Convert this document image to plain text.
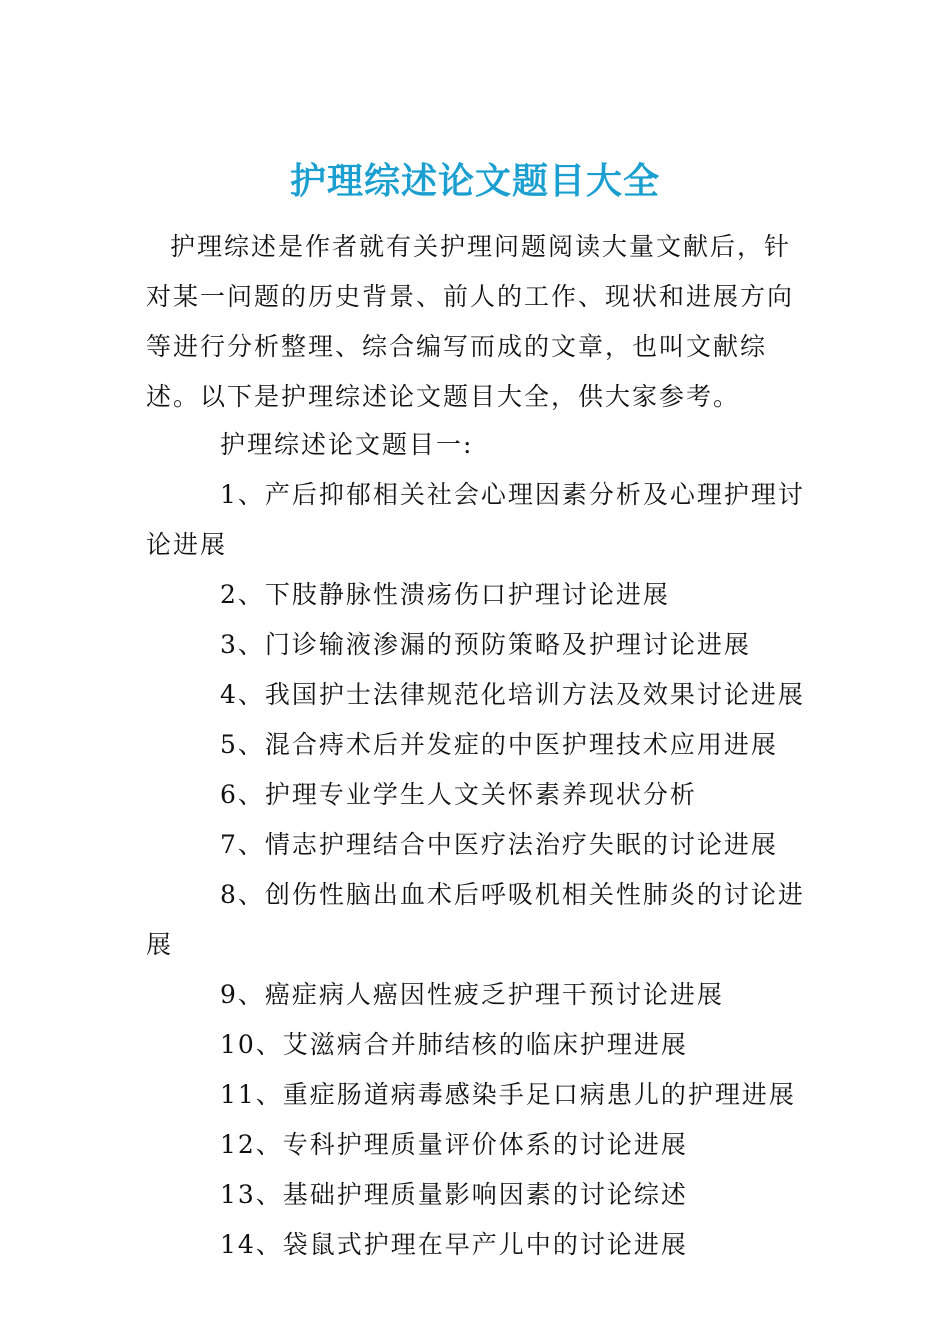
护理综述论文题目大全

护理综述是作者就有关护理问题阅读大量文献后，针对某一问题的历史背景、前人的工作、现状和进展方向等进行分析整理、综合编写而成的文章，也叫文献综述。以下是护理综述论文题目大全，供大家参考。

护理综述论文题目一:
1、产后抑郁相关社会心理因素分析及心理护理讨论进展
2、下肢静脉性溃疡伤口护理讨论进展
3、门诊输液渗漏的预防策略及护理讨论进展
4、我国护士法律规范化培训方法及效果讨论进展
5、混合痔术后并发症的中医护理技术应用进展
6、护理专业学生人文关怀素养现状分析
7、情志护理结合中医疗法治疗失眠的讨论进展
8、创伤性脑出血术后呼吸机相关性肺炎的讨论进展
9、癌症病人癌因性疲乏护理干预讨论进展
10、艾滋病合并肺结核的临床护理进展
11、重症肠道病毒感染手足口病患儿的护理进展
12、专科护理质量评价体系的讨论进展
13、基础护理质量影响因素的讨论综述
14、袋鼠式护理在早产儿中的讨论进展
